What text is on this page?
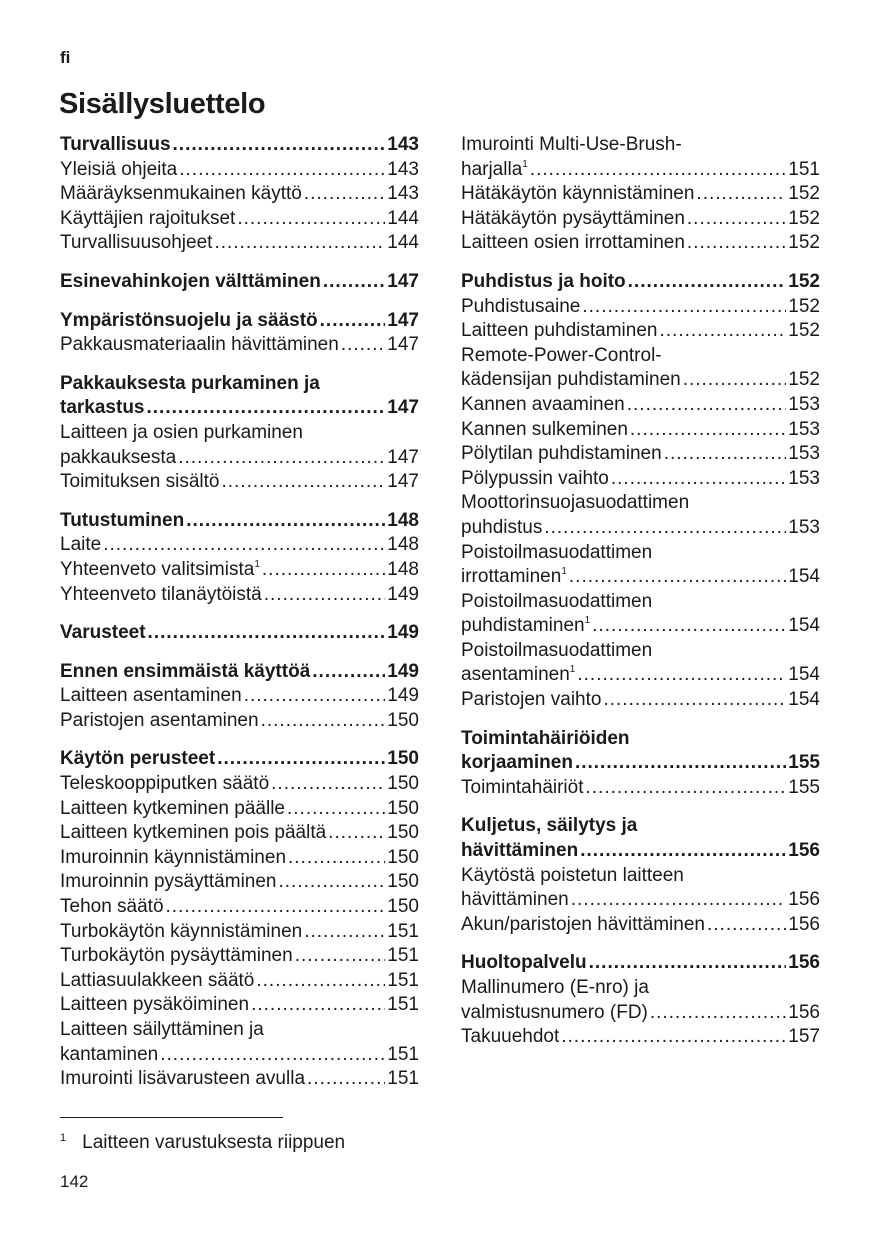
fi
Sisällysluettelo
Turvallisuus .....	143
Yleisiä ohjeita .....	143
Määräyksenmukainen käyttö .....	143
Käyttäjien rajoitukset .....	144
Turvallisuusohjeet .....	144
Esinevahinkojen välttäminen .....	147
Ympäristönsuojelu ja säästö .....	147
Pakkausmateriaalin hävittäminen .....	147
Pakkauksesta purkaminen ja
tarkastus .....	147
Laitteen ja osien purkaminen
pakkauksesta .....	147
Toimituksen sisältö .....	147
Tutustuminen .....	148
Laite .....	148
Yhteenveto valitsimista$^1$ .....	148
Yhteenveto tilanäytöistä .....	149
Varusteet .....	149
Ennen ensimmäistä käyttöä .....	149
Laitteen asentaminen .....	149
Paristojen asentaminen .....	150
Käytön perusteet .....	150
Teleskooppiputken säätö .....	150
Laitteen kytkeminen päälle .....	150
Laitteen kytkeminen pois päältä .....	150
Imuroinnin käynnistäminen .....	150
Imuroinnin pysäyttäminen .....	150
Tehon säätö .....	150
Turbokäytön käynnistäminen .....	151
Turbokäytön pysäyttäminen .....	151
Lattiasuulakkeen säätö .....	151
Laitteen pysäköiminen .....	151
Laitteen säilyttäminen ja
kantaminen .....	151
Imurointi lisävarusteen avulla .....	151
Imurointi Multi-Use-Brush-
harjalla$^1$ .....	151
Hätäkäytön käynnistäminen .....	152
Hätäkäytön pysäyttäminen .....	152
Laitteen osien irrottaminen .....	152
Puhdistus ja hoito .....	152
Puhdistusaine .....	152
Laitteen puhdistaminen .....	152
Remote-Power-Control-
kädensijan puhdistaminen .....	152
Kannen avaaminen .....	153
Kannen sulkeminen .....	153
Pölytilan puhdistaminen .....	153
Pölypussin vaihto .....	153
Moottorinsuojasuodattimen
puhdistus .....	153
Poistoilmasuodattimen
irrottaminen$^1$ .....	154
Poistoilmasuodattimen
puhdistaminen$^1$ .....	154
Poistoilmasuodattimen
asentaminen$^1$ .....	154
Paristojen vaihto .....	154
Toimintahäiriöiden
korjaaminen .....	155
Toimintahäiriöt .....	155
Kuljetus, säilytys ja
hävittäminen .....	156
Käytöstä poistetun laitteen
hävittäminen .....	156
Akun/paristojen hävittäminen .....	156
Huoltopalvelu .....	156
Mallinumero (E-nro) ja
valmistusnumero (FD) .....	156
Takuuehdot .....	157
$^1$ Laitteen varustuksesta riippuen
142
